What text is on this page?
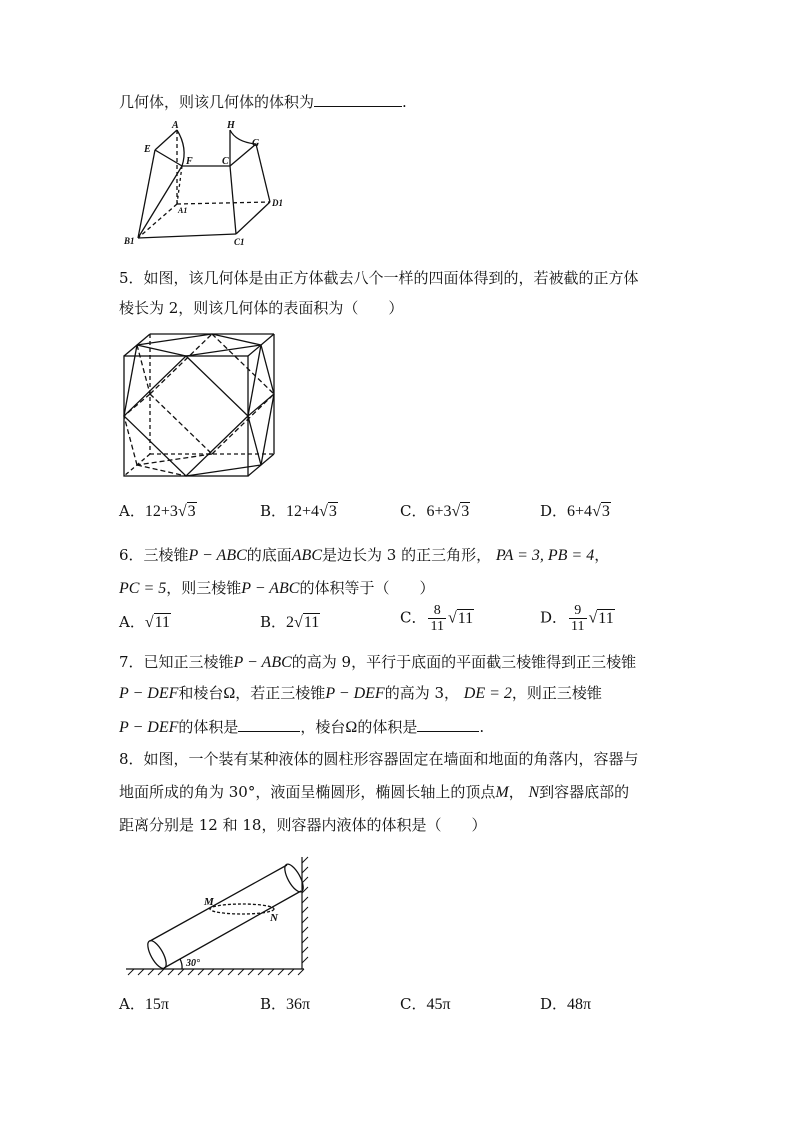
几何体，则该几何体的体积为	.
A	H
E
F	C
G
A1
D1
B1	C1
5．如图，该几何体是由正方体截去八个一样的四面体得到的，若被截的正方体
棱长为 2，则该几何体的表面积为（　　）
A．12+3√3	B．12+4√3	C．6+3√3	D．6+4√3
6．三棱锥P − ABC的底面ABC是边长为 3 的正三角形， PA = 3, PB = 4，
PC = 5，则三棱锥P − ABC的体积等于（　　）
A．√11	B．2√11	C． $\frac{8}{11} √11$	D． $\frac{9}{11} √11$
7．已知正三棱锥P − ABC的高为 9，平行于底面的平面截三棱锥得到正三棱锥
P − DEF和棱台Ω，若正三棱锥P − DEF的高为 3， DE = 2，则正三棱锥
P − DEF的体积是	，棱台Ω的体积是	.
8．如图，一个装有某种液体的圆柱形容器固定在墙面和地面的角落内，容器与
地面所成的角为 30°，液面呈椭圆形，椭圆长轴上的顶点M， N到容器底部的
距离分别是 12 和 18，则容器内液体的体积是（　　）
M
N
30°
A．15π	B．36π	C．45π	D．48π
